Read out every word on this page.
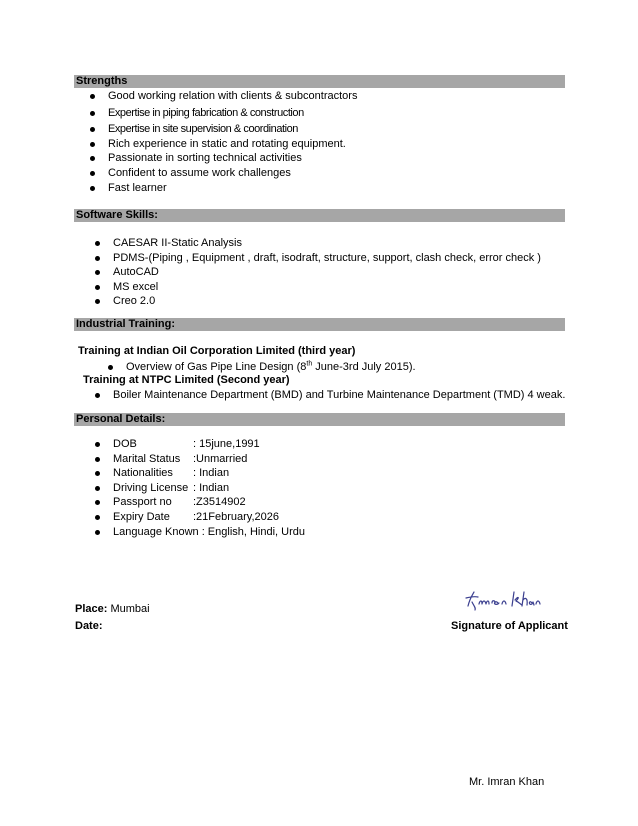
Strengths
Good working relation with clients & subcontractors
Expertise in piping fabrication & construction
Expertise in site supervision & coordination
Rich experience in static and rotating equipment.
Passionate in sorting technical activities
Confident to assume work challenges
Fast learner
Software Skills:
CAESAR II-Static Analysis
PDMS-(Piping , Equipment , draft, isodraft, structure, support, clash check, error check )
AutoCAD
MS excel
Creo 2.0
Industrial Training:
Training at Indian Oil Corporation Limited (third year)
Overview of Gas Pipe Line Design (8th June-3rd July 2015).
Training at NTPC Limited (Second year)
Boiler Maintenance Department (BMD) and Turbine Maintenance Department (TMD) 4 weak.
Personal Details:
DOB	: 15june,1991
Marital Status :Unmarried
Nationalities : Indian
Driving License : Indian
Passport no :Z3514902
Expiry Date :21February,2026
Language Known : English, Hindi, Urdu
Place: Mumbai
Date:	Signature of Applicant
Mr. Imran Khan
